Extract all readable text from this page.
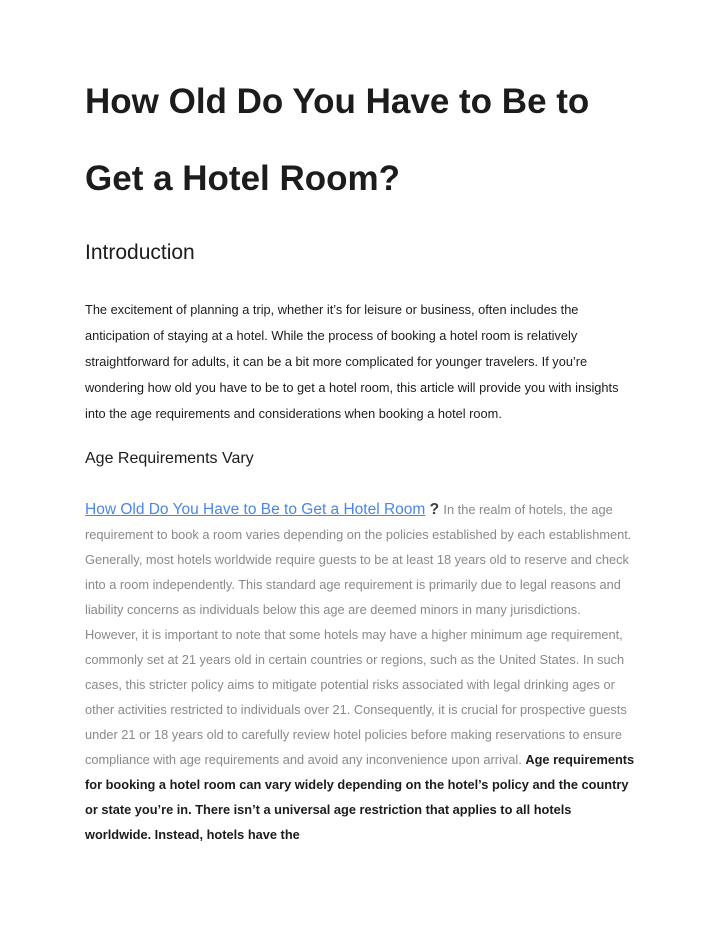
How Old Do You Have to Be to Get a Hotel Room?
Introduction

The excitement of planning a trip, whether it’s for leisure or business, often includes the anticipation of staying at a hotel. While the process of booking a hotel room is relatively straightforward for adults, it can be a bit more complicated for younger travelers. If you’re wondering how old you have to be to get a hotel room, this article will provide you with insights into the age requirements and considerations when booking a hotel room.

Age Requirements Vary

How Old Do You Have to Be to Get a Hotel Room ? In the realm of hotels, the age requirement to book a room varies depending on the policies established by each establishment. Generally, most hotels worldwide require guests to be at least 18 years old to reserve and check into a room independently. This standard age requirement is primarily due to legal reasons and liability concerns as individuals below this age are deemed minors in many jurisdictions. However, it is important to note that some hotels may have a higher minimum age requirement, commonly set at 21 years old in certain countries or regions, such as the United States. In such cases, this stricter policy aims to mitigate potential risks associated with legal drinking ages or other activities restricted to individuals over 21. Consequently, it is crucial for prospective guests under 21 or 18 years old to carefully review hotel policies before making reservations to ensure compliance with age requirements and avoid any inconvenience upon arrival. Age requirements for booking a hotel room can vary widely depending on the hotel’s policy and the country or state you’re in. There isn’t a universal age restriction that applies to all hotels worldwide. Instead, hotels have the
